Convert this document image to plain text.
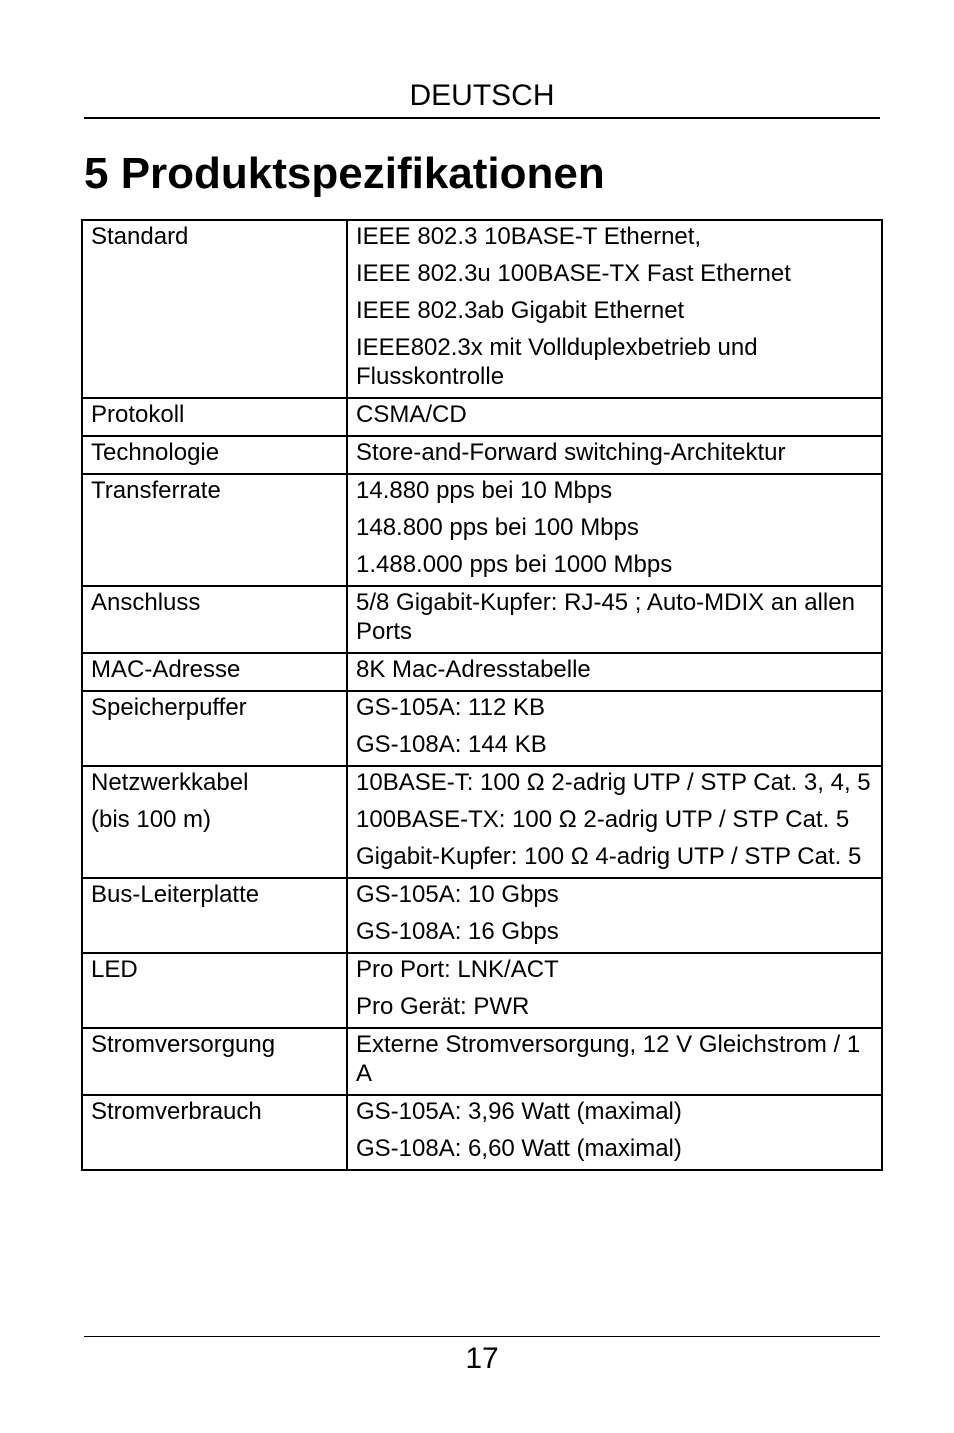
DEUTSCH
5 Produktspezifikationen
Standard	IEEE 802.3 10BASE-T Ethernet,
IEEE 802.3u 100BASE-TX Fast Ethernet
IEEE 802.3ab Gigabit Ethernet
IEEE802.3x mit Vollduplexbetrieb und Flusskontrolle

Protokoll	CSMA/CD

Technologie	Store-and-Forward switching-Architektur

Transferrate	14.880 pps bei 10 Mbps
148.800 pps bei 100 Mbps
1.488.000 pps bei 1000 Mbps

Anschluss	5/8 Gigabit-Kupfer: RJ-45 ; Auto-MDIX an allen Ports

MAC-Adresse	8K Mac-Adresstabelle

Speicherpuffer	GS-105A: 112 KB
GS-108A: 144 KB

Netzwerkkabel
(bis 100 m)	10BASE-T: 100 Ω 2-adrig UTP / STP Cat. 3, 4, 5
100BASE-TX: 100 Ω 2-adrig UTP / STP Cat. 5
Gigabit-Kupfer: 100 Ω 4-adrig UTP / STP Cat. 5

Bus-Leiterplatte	GS-105A: 10 Gbps
GS-108A: 16 Gbps

LED	Pro Port: LNK/ACT
Pro Gerät: PWR

Stromversorgung	Externe Stromversorgung, 12 V Gleichstrom / 1 A

Stromverbrauch	GS-105A: 3,96 Watt (maximal)
GS-108A: 6,60 Watt (maximal)
17
